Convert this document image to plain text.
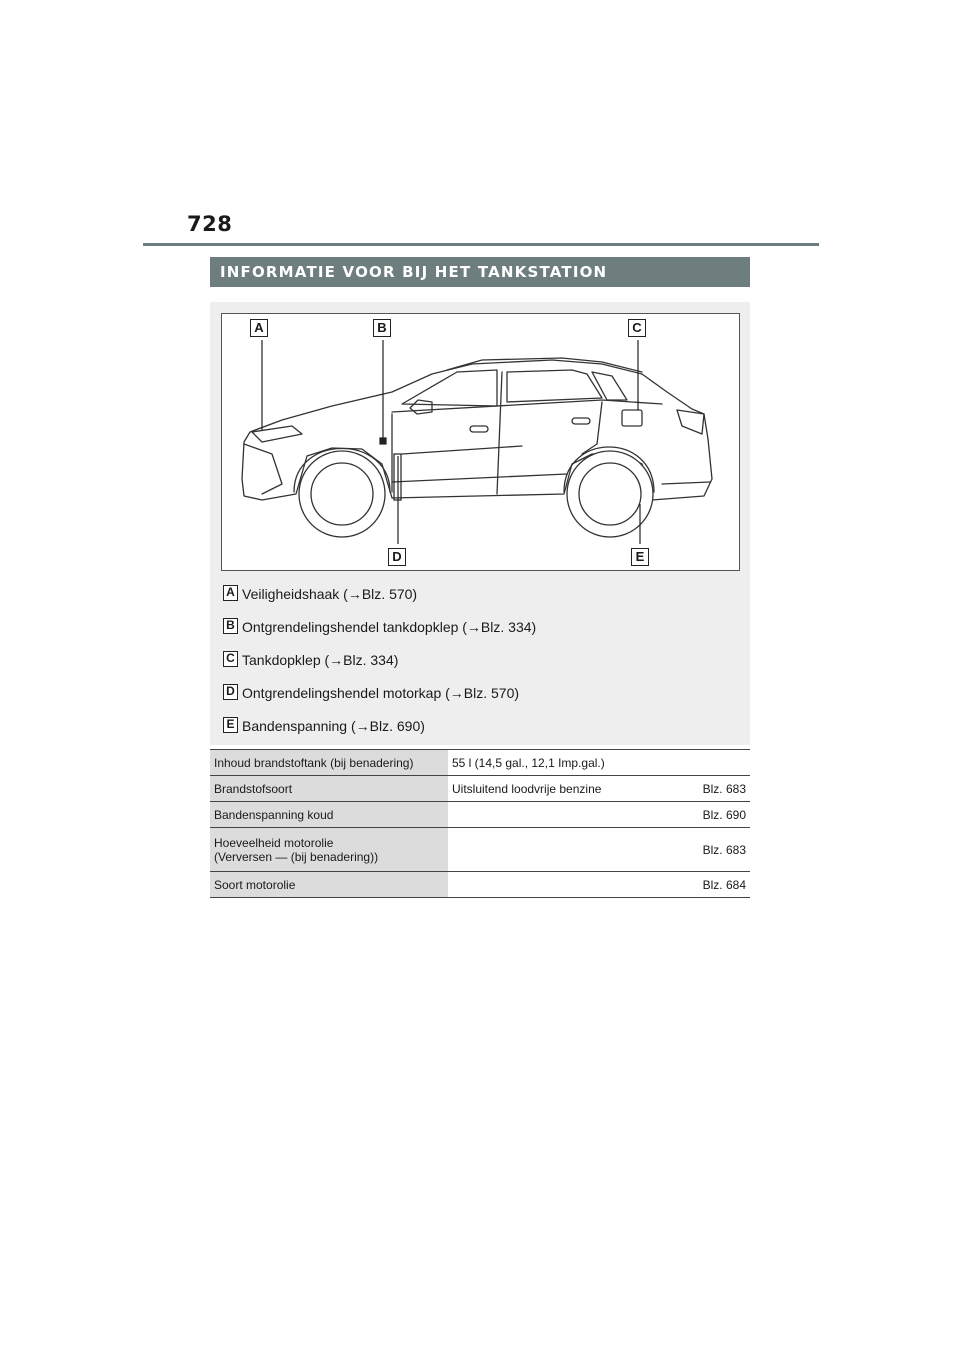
728
INFORMATIE VOOR BIJ HET TANKSTATION
A	B	C
D	E
A Veiligheidshaak (→Blz. 570)
B Ontgrendelingshendel tankdopklep (→Blz. 334)
C Tankdopklep (→Blz. 334)
D Ontgrendelingshendel motorkap (→Blz. 570)
E Bandenspanning (→Blz. 690)
Inhoud brandstoftank (bij benadering)	55 l (14,5 gal., 12,1 Imp.gal.)

Brandstofsoort	Uitsluitend loodvrije benzine Blz. 683

Bandenspanning koud	Blz. 690

Hoeveelheid motorolie
(Verversen — (bij benadering))	Blz. 683

Soort motorolie	Blz. 684
